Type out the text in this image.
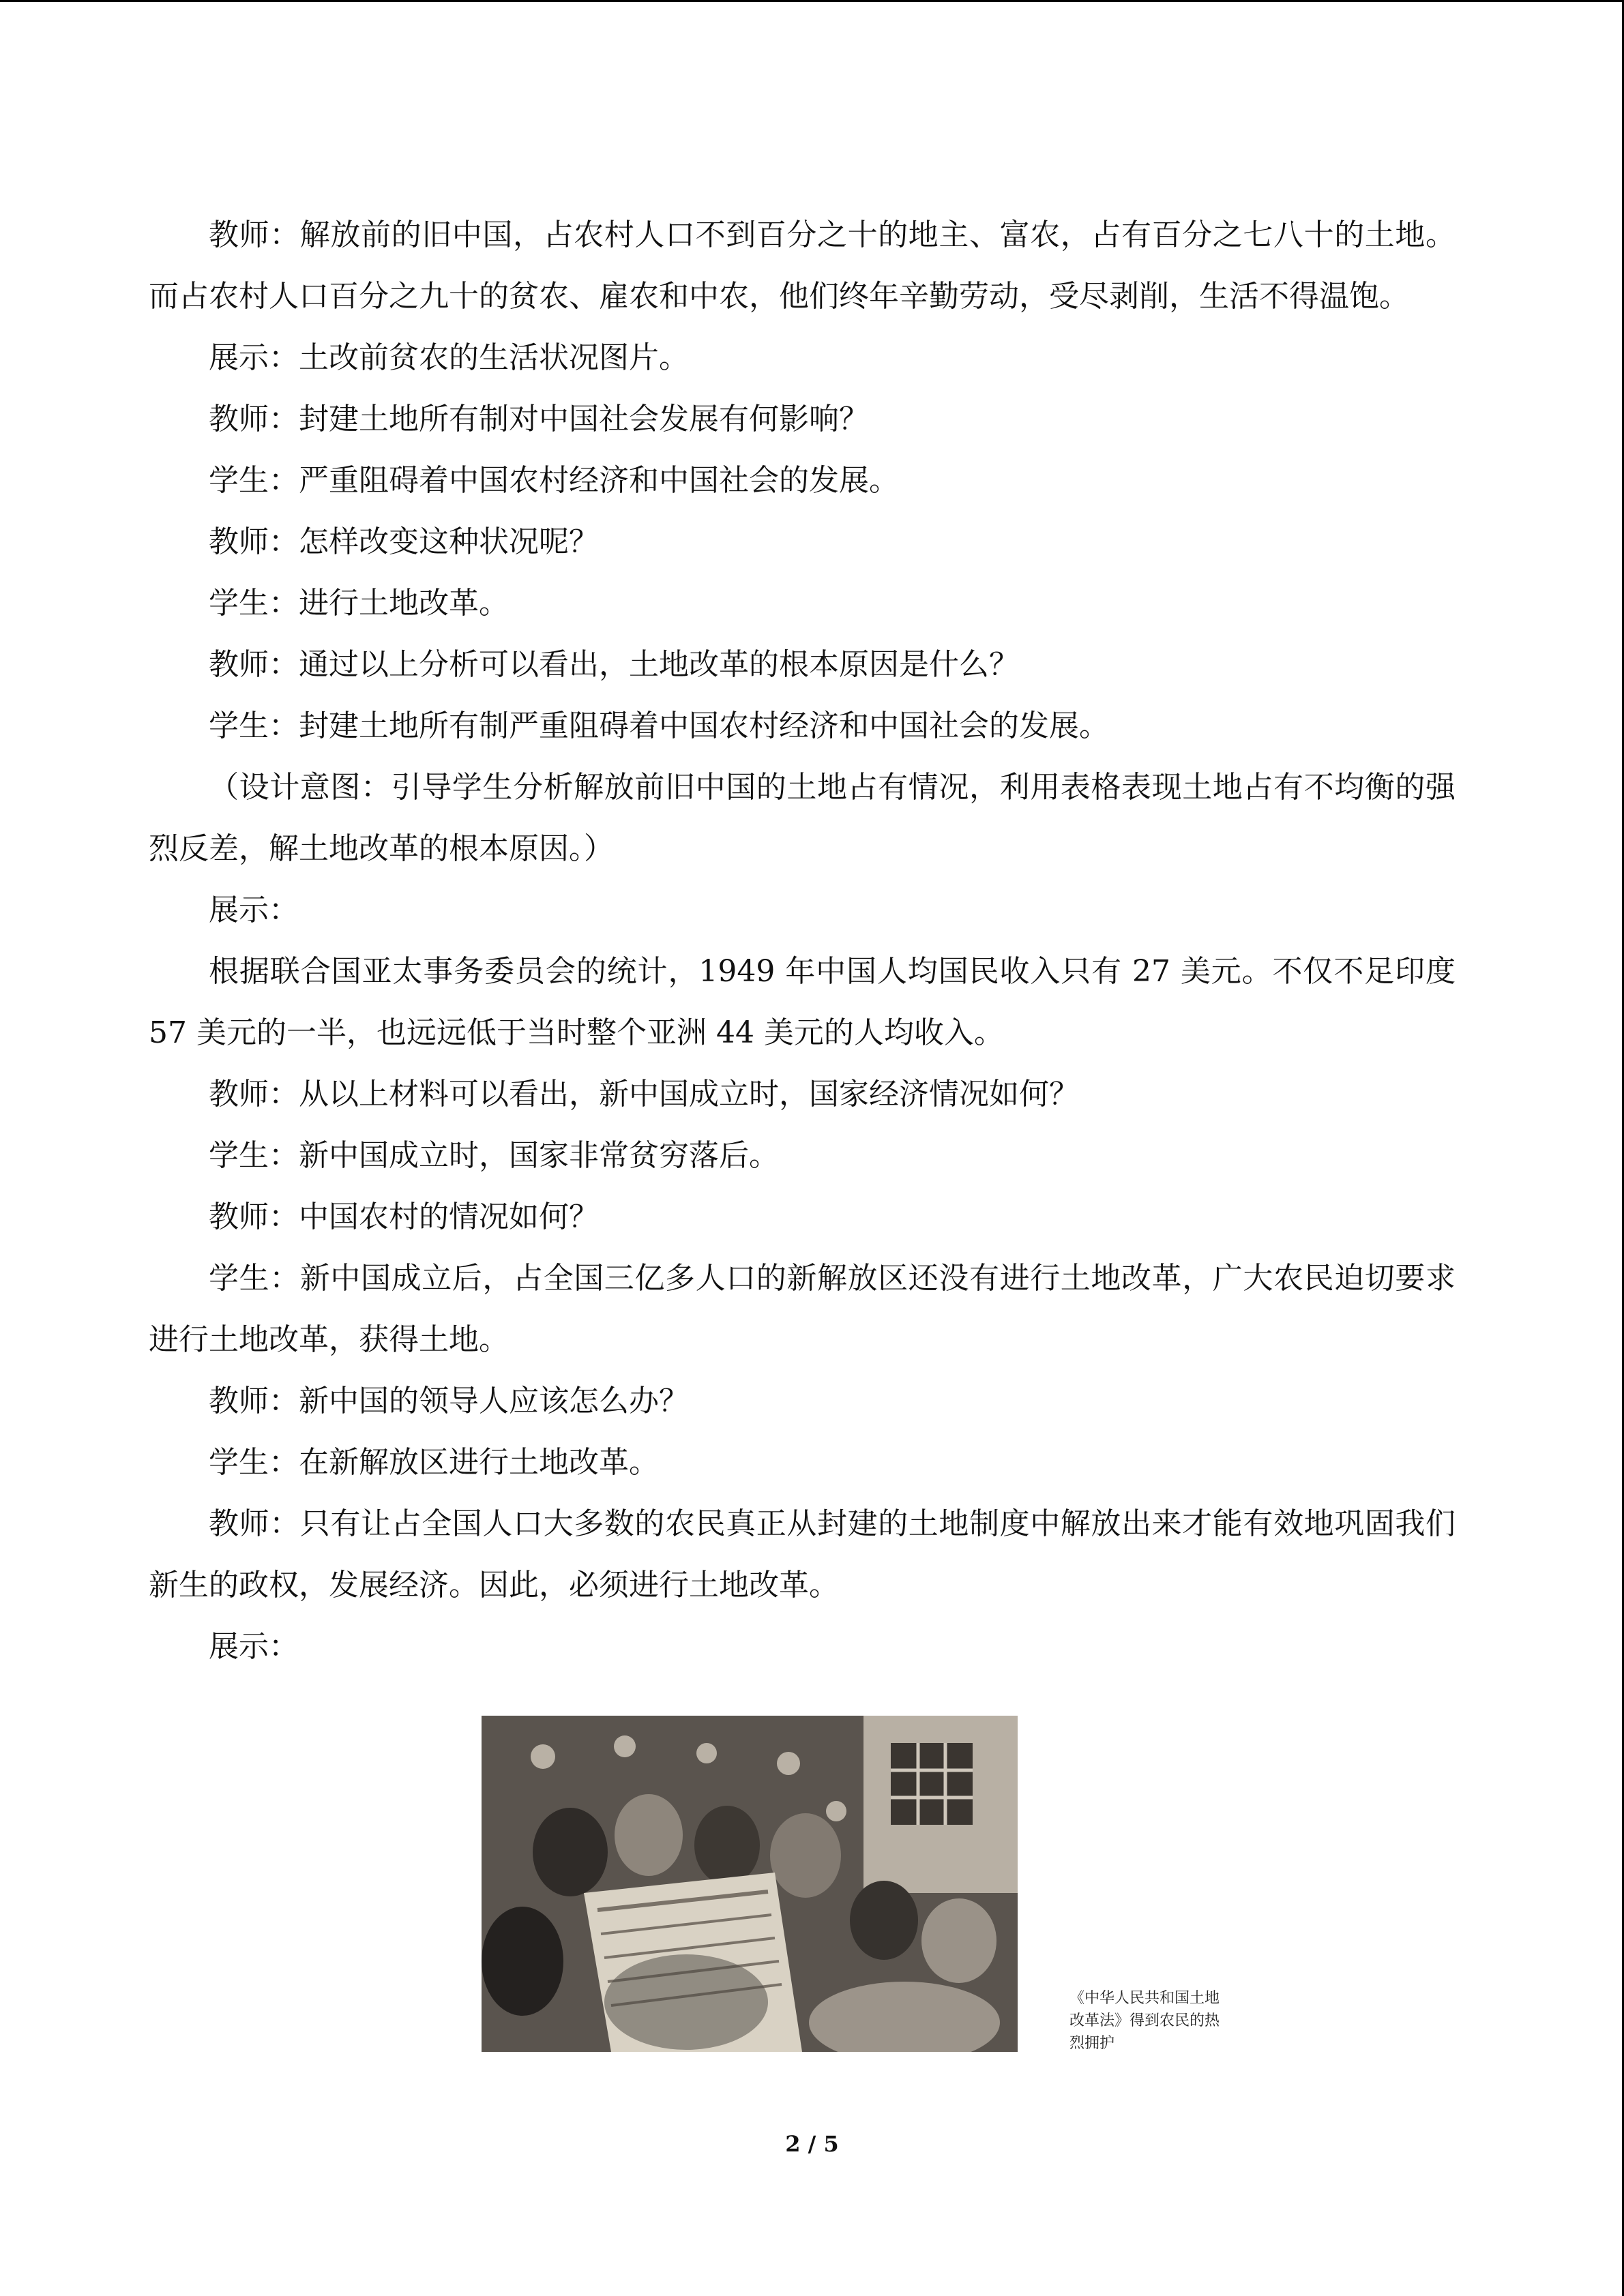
教师：解放前的旧中国，占农村人口不到百分之十的地主、富农，占有百分之七八十的土地。而占农村人口百分之九十的贫农、雇农和中农，他们终年辛勤劳动，受尽剥削，生活不得温饱。

展示：土改前贫农的生活状况图片。

教师：封建土地所有制对中国社会发展有何影响？

学生：严重阻碍着中国农村经济和中国社会的发展。

教师：怎样改变这种状况呢？

学生：进行土地改革。

教师：通过以上分析可以看出，土地改革的根本原因是什么？

学生：封建土地所有制严重阻碍着中国农村经济和中国社会的发展。

（设计意图：引导学生分析解放前旧中国的土地占有情况，利用表格表现土地占有不均衡的强烈反差，解土地改革的根本原因。）

展示：

根据联合国亚太事务委员会的统计，1949 年中国人均国民收入只有 27 美元。不仅不足印度 57 美元的一半，也远远低于当时整个亚洲 44 美元的人均收入。

教师：从以上材料可以看出，新中国成立时，国家经济情况如何？

学生：新中国成立时，国家非常贫穷落后。

教师：中国农村的情况如何？

学生：新中国成立后，占全国三亿多人口的新解放区还没有进行土地改革，广大农民迫切要求进行土地改革，获得土地。

教师：新中国的领导人应该怎么办？

学生：在新解放区进行土地改革。

教师：只有让占全国人口大多数的农民真正从封建的土地制度中解放出来才能有效地巩固我们新生的政权，发展经济。因此，必须进行土地改革。

展示：

《中华人民共和国土地改革法》得到农民的热烈拥护
2 / 5
